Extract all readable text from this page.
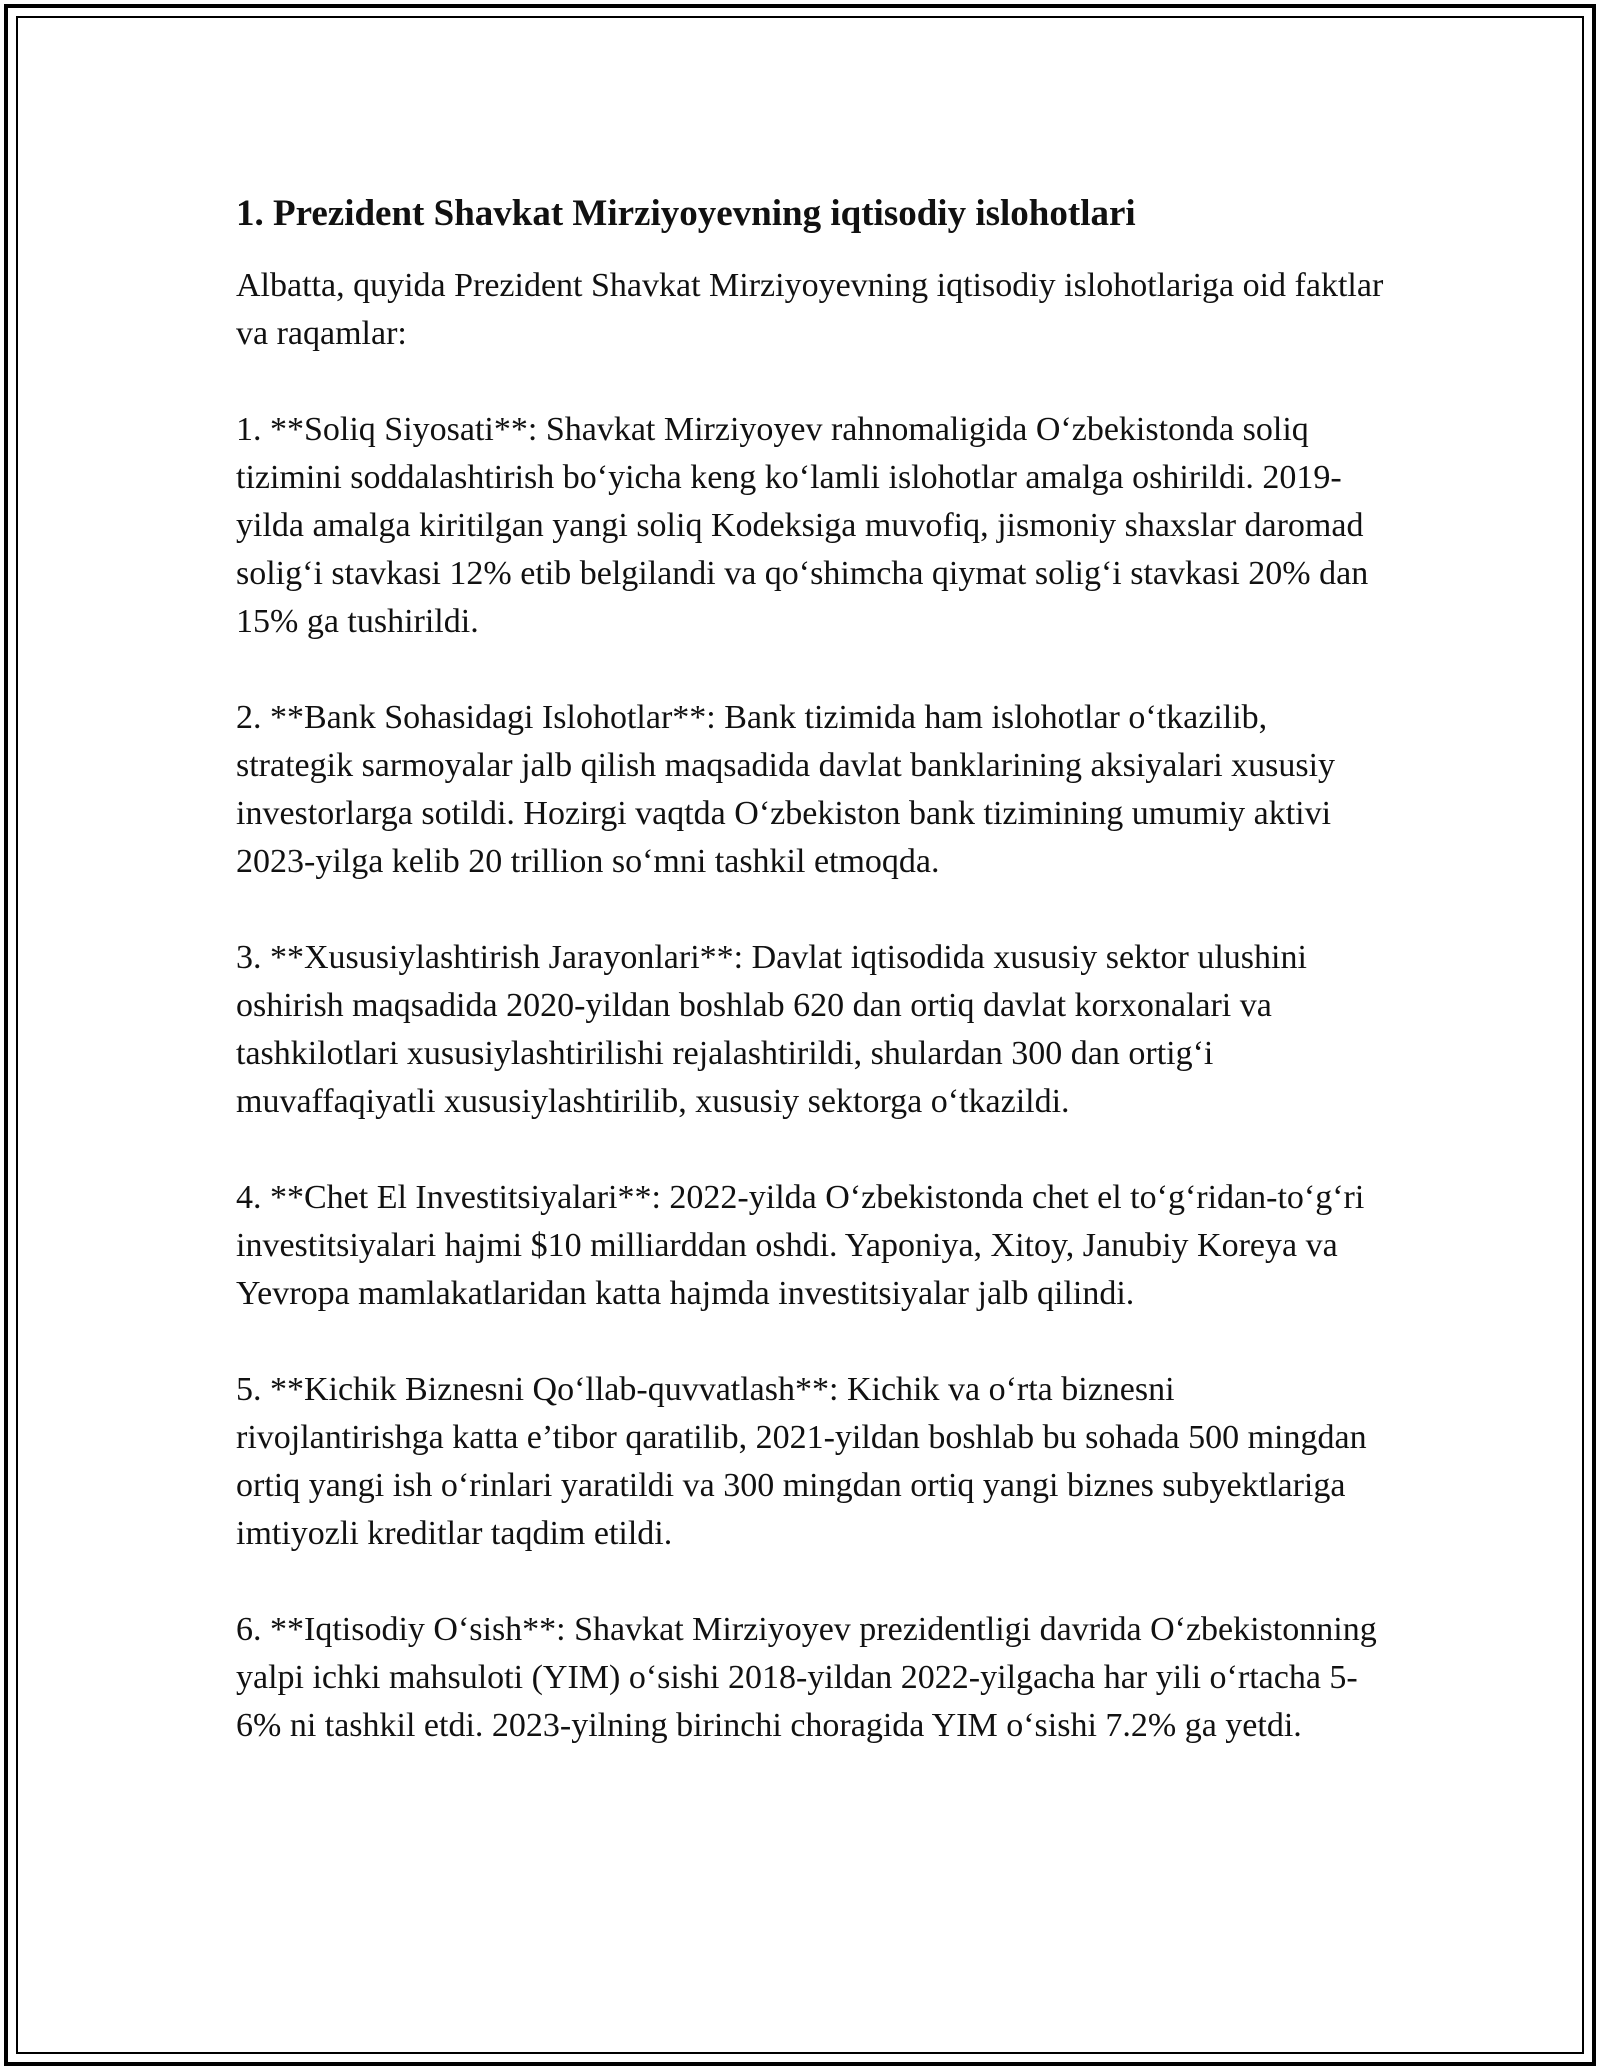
1. Prezident Shavkat Mirziyoyevning iqtisodiy islohotlari

Albatta, quyida Prezident Shavkat Mirziyoyevning iqtisodiy islohotlariga oid faktlar va raqamlar:

1. **Soliq Siyosati**: Shavkat Mirziyoyev rahnomaligida O‘zbekistonda soliq tizimini soddalashtirish bo‘yicha keng ko‘lamli islohotlar amalga oshirildi. 2019-yilda amalga kiritilgan yangi soliq Kodeksiga muvofiq, jismoniy shaxslar daromad solig‘i stavkasi 12% etib belgilandi va qo‘shimcha qiymat solig‘i stavkasi 20% dan 15% ga tushirildi.

2. **Bank Sohasidagi Islohotlar**: Bank tizimida ham islohotlar o‘tkazilib, strategik sarmoyalar jalb qilish maqsadida davlat banklarining aksiyalari xususiy investorlarga sotildi. Hozirgi vaqtda O‘zbekiston bank tizimining umumiy aktivi 2023-yilga kelib 20 trillion so‘mni tashkil etmoqda.

3. **Xususiylashtirish Jarayonlari**: Davlat iqtisodida xususiy sektor ulushini oshirish maqsadida 2020-yildan boshlab 620 dan ortiq davlat korxonalari va tashkilotlari xususiylashtirilishi rejalashtirildi, shulardan 300 dan ortig‘i muvaffaqiyatli xususiylashtirilib, xususiy sektorga o‘tkazildi.

4. **Chet El Investitsiyalari**: 2022-yilda O‘zbekistonda chet el to‘g‘ridan-to‘g‘ri investitsiyalari hajmi $10 milliarddan oshdi. Yaponiya, Xitoy, Janubiy Koreya va Yevropa mamlakatlaridan katta hajmda investitsiyalar jalb qilindi.

5. **Kichik Biznesni Qo‘llab-quvvatlash**: Kichik va o‘rta biznesni rivojlantirishga katta e’tibor qaratilib, 2021-yildan boshlab bu sohada 500 mingdan ortiq yangi ish o‘rinlari yaratildi va 300 mingdan ortiq yangi biznes subyektlariga imtiyozli kreditlar taqdim etildi.

6. **Iqtisodiy O‘sish**: Shavkat Mirziyoyev prezidentligi davrida O‘zbekistonning yalpi ichki mahsuloti (YIM) o‘sishi 2018-yildan 2022-yilgacha har yili o‘rtacha 5-6% ni tashkil etdi. 2023-yilning birinchi choragida YIM o‘sishi 7.2% ga yetdi.
